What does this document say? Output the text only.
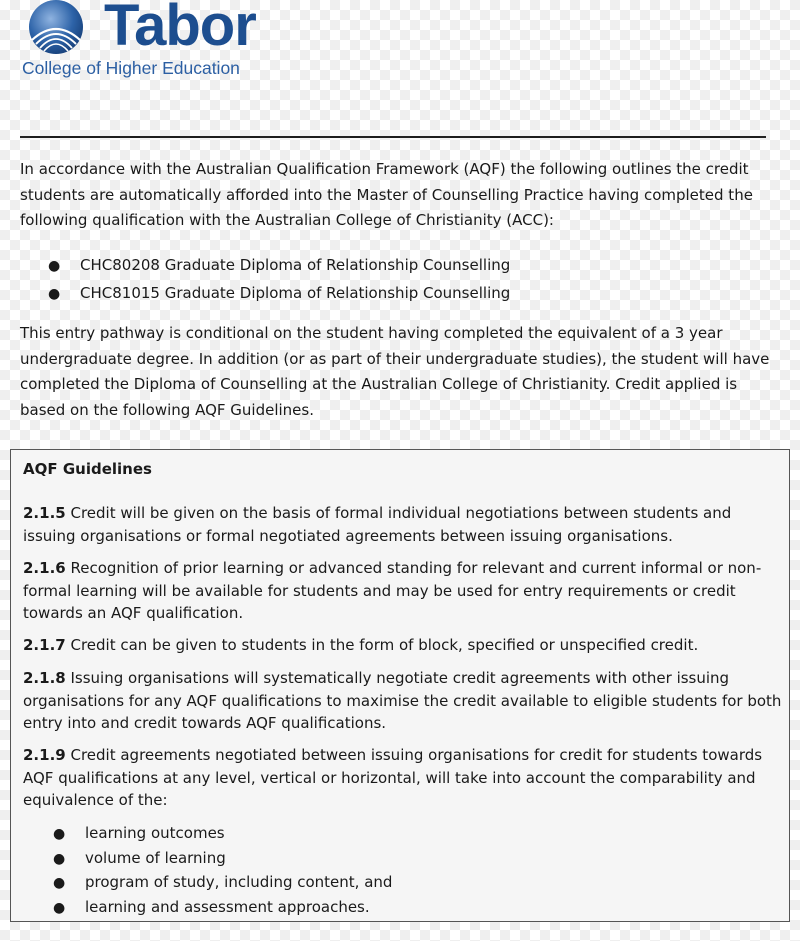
Tabor
College of Higher Education

In accordance with the Australian Qualification Framework (AQF) the following outlines the credit students are automatically afforded into the Master of Counselling Practice having completed the following qualification with the Australian College of Christianity (ACC):

● CHC80208 Graduate Diploma of Relationship Counselling
● CHC81015 Graduate Diploma of Relationship Counselling

This entry pathway is conditional on the student having completed the equivalent of a 3 year undergraduate degree. In addition (or as part of their undergraduate studies), the student will have completed the Diploma of Counselling at the Australian College of Christianity. Credit applied is based on the following AQF Guidelines.

AQF Guidelines

2.1.5 Credit will be given on the basis of formal individual negotiations between students and issuing organisations or formal negotiated agreements between issuing organisations.

2.1.6 Recognition of prior learning or advanced standing for relevant and current informal or non-formal learning will be available for students and may be used for entry requirements or credit towards an AQF qualification.

2.1.7 Credit can be given to students in the form of block, specified or unspecified credit.

2.1.8 Issuing organisations will systematically negotiate credit agreements with other issuing organisations for any AQF qualifications to maximise the credit available to eligible students for both entry into and credit towards AQF qualifications.

2.1.9 Credit agreements negotiated between issuing organisations for credit for students towards AQF qualifications at any level, vertical or horizontal, will take into account the comparability and equivalence of the:

● learning outcomes
● volume of learning
● program of study, including content, and
● learning and assessment approaches.
